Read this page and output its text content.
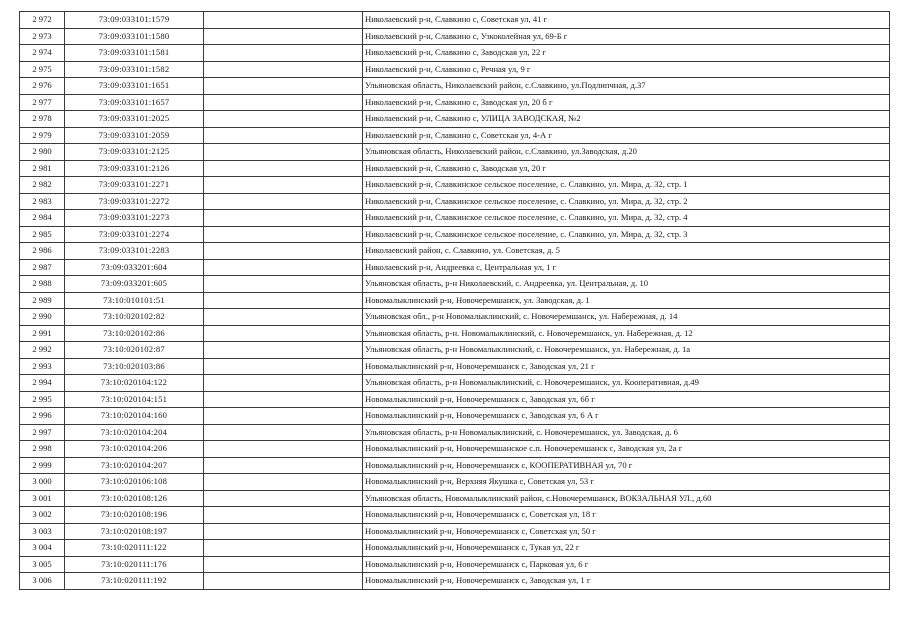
2 972	73:09:033101:1579		Николаевский р-н, Славкино с, Советская ул, 41 г
2 973	73:09:033101:1580		Николаевский р-н, Славкино с, Узкоколейная ул, 69-Б г
2 974	73:09:033101:1581		Николаевский р-н, Славкино с, Заводская ул, 22 г
2 975	73:09:033101:1582		Николаевский р-н, Славкино с, Речная ул, 9 г
2 976	73:09:033101:1651		Ульяновская область, Николаевский район, с.Славкино, ул.Подлипчная, д.37
2 977	73:09:033101:1657		Николаевский р-н, Славкино с, Заводская ул, 20 б г
2 978	73:09:033101:2025		Николаевский р-н, Славкино с, УЛИЦА ЗАВОДСКАЯ, №2
2 979	73:09:033101:2059		Николаевский р-н, Славкино с, Советская ул, 4-А г
2 980	73:09:033101:2125		Ульяновская область, Николаевский район, с.Славкино, ул.Заводская, д.20
2 981	73:09:033101:2126		Николаевский р-н, Славкино с, Заводская ул, 20 г
2 982	73:09:033101:2271		Николаевский р-н, Славкинское сельское поселение, с. Славкино, ул. Мира, д. 32, стр. 1
2 983	73:09:033101:2272		Николаевский р-н, Славкинское сельское поселение, с. Славкино, ул. Мира, д. 32, стр. 2
2 984	73:09:033101:2273		Николаевский р-н, Славкинское сельское поселение, с. Славкино, ул. Мира, д. 32, стр. 4
2 985	73:09:033101:2274		Николаевский р-н, Славкинское сельское поселение, с. Славкино, ул. Мира, д. 32, стр. 3
2 986	73:09:033101:2283		Николаевский район, с. Славкино, ул. Советская, д. 5
2 987	73:09:033201:604		Николаевский р-н, Андреевка с, Центральная ул, 1 г
2 988	73:09:033201:605		Ульяновская область, р-н Николаевский, с. Андреевка, ул. Центральная, д. 10
2 989	73:10:010101:51		Новомалыклинский р-н, Новочеремшанск, ул. Заводская, д. 1
2 990	73:10:020102:82		Ульяновская обл., р-н Новомалыклинский, с. Новочеремшанск, ул. Набережная, д. 14
2 991	73:10:020102:86		Ульяновская область, р-н. Новомалыклинский, с. Новочеремшанск, ул. Набережная, д. 12
2 992	73:10:020102:87		Ульяновская область, р-н Новомалыклинский, с. Новочеремшанск, ул. Набережная, д. 1а
2 993	73:10:020103:86		Новомалыклинский р-н, Новочеремшанск с, Заводская ул, 21 г
2 994	73:10:020104:122		Ульяновская область, р-н Новомалыклинский, с. Новочеремшанск, ул. Кооперативная, д.49
2 995	73:10:020104:151		Новомалыклинский р-н, Новочеремшанск с, Заводская ул, 6б г
2 996	73:10:020104:160		Новомалыклинский р-н, Новочеремшанск с, Заводская ул, 6 А г
2 997	73:10:020104:204		Ульяновская область, р-н Новомалыклинский, с. Новочеремшанск, ул. Заводская, д. 6
2 998	73:10:020104:206		Новомалыклинский р-н, Новочеремшанское с.п. Новочеремшанск с, Заводская ул, 2а г
2 999	73:10:020104:207		Новомалыклинский р-н, Новочеремшанск с, КООПЕРАТИВНАЯ ул, 70 г
3 000	73:10:020106:108		Новомалыклинский р-н, Верхняя Якушка с, Советская ул, 53 г
3 001	73:10:020108:126		Ульяновская область, Новомалыклинский район, с.Новочеремшанск, ВОКЗАЛЬНАЯ УЛ., д.60
3 002	73:10:020108:196		Новомалыклинский р-н, Новочеремшанск с, Советская ул, 18 г
3 003	73:10:020108:197		Новомалыклинский р-н, Новочеремшанск с, Советская ул, 50 г
3 004	73:10:020111:122		Новомалыклинский р-н, Новочеремшанск с, Тукая ул, 22 г
3 005	73:10:020111:176		Новомалыклинский р-н, Новочеремшанск с, Парковая ул, 6 г
3 006	73:10:020111:192		Новомалыклинский р-н, Новочеремшанск с, Заводская ул, 1 г
